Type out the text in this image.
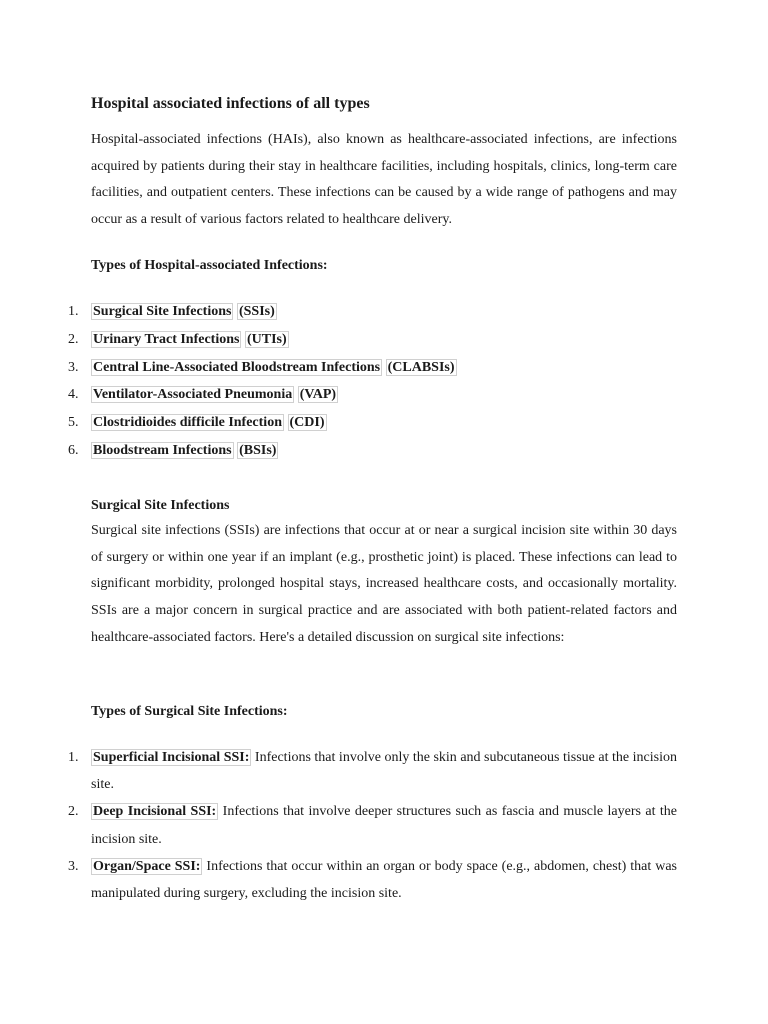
Hospital associated infections of all types
Hospital-associated infections (HAIs), also known as healthcare-associated infections, are infections acquired by patients during their stay in healthcare facilities, including hospitals, clinics, long-term care facilities, and outpatient centers. These infections can be caused by a wide range of pathogens and may occur as a result of various factors related to healthcare delivery.
Types of Hospital-associated Infections:
1. Surgical Site Infections (SSIs)
2. Urinary Tract Infections (UTIs)
3. Central Line-Associated Bloodstream Infections (CLABSIs)
4. Ventilator-Associated Pneumonia (VAP)
5. Clostridioides difficile Infection (CDI)
6. Bloodstream Infections (BSIs)
Surgical Site Infections
Surgical site infections (SSIs) are infections that occur at or near a surgical incision site within 30 days of surgery or within one year if an implant (e.g., prosthetic joint) is placed. These infections can lead to significant morbidity, prolonged hospital stays, increased healthcare costs, and occasionally mortality. SSIs are a major concern in surgical practice and are associated with both patient-related factors and healthcare-associated factors. Here's a detailed discussion on surgical site infections:
Types of Surgical Site Infections:
1. Superficial Incisional SSI: Infections that involve only the skin and subcutaneous tissue at the incision site.
2. Deep Incisional SSI: Infections that involve deeper structures such as fascia and muscle layers at the incision site.
3. Organ/Space SSI: Infections that occur within an organ or body space (e.g., abdomen, chest) that was manipulated during surgery, excluding the incision site.
